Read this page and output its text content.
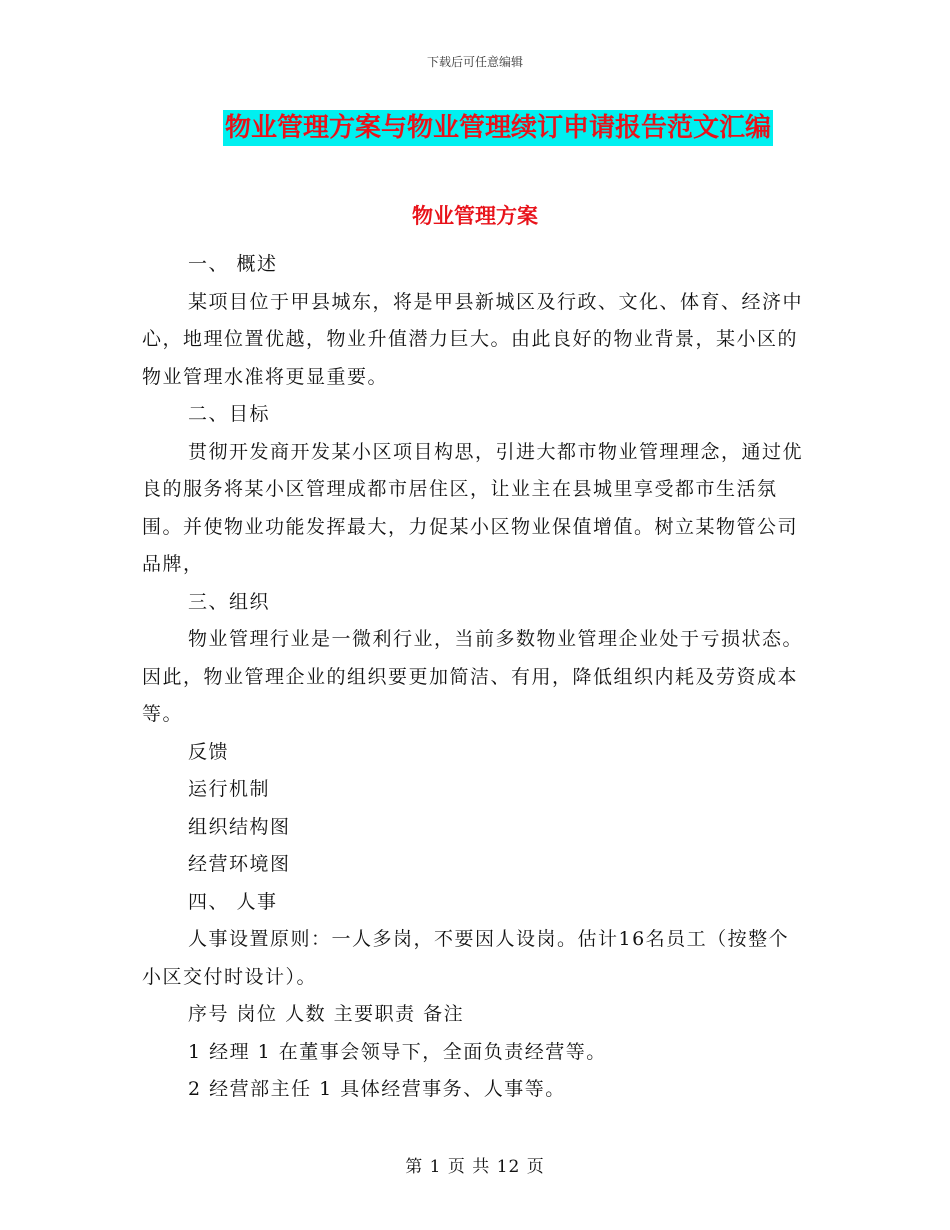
下载后可任意编辑
物业管理方案与物业管理续订申请报告范文汇编
物业管理方案

一、 概述

某项目位于甲县城东，将是甲县新城区及行政、文化、体育、经济中心，地理位置优越，物业升值潜力巨大。由此良好的物业背景，某小区的物业管理水准将更显重要。

二、目标

贯彻开发商开发某小区项目构思，引进大都市物业管理理念，通过优良的服务将某小区管理成都市居住区，让业主在县城里享受都市生活氛围。并使物业功能发挥最大，力促某小区物业保值增值。树立某物管公司品牌，

三、组织

物业管理行业是一微利行业，当前多数物业管理企业处于亏损状态。因此，物业管理企业的组织要更加简洁、有用，降低组织内耗及劳资成本等。

反馈

运行机制

组织结构图

经营环境图

四、 人事

人事设置原则：一人多岗，不要因人设岗。估计16名员工（按整个小区交付时设计）。

序号 岗位 人数 主要职责 备注

1 经理 1 在董事会领导下，全面负责经营等。

2 经营部主任 1 具体经营事务、人事等。

第 1 页 共 12 页
